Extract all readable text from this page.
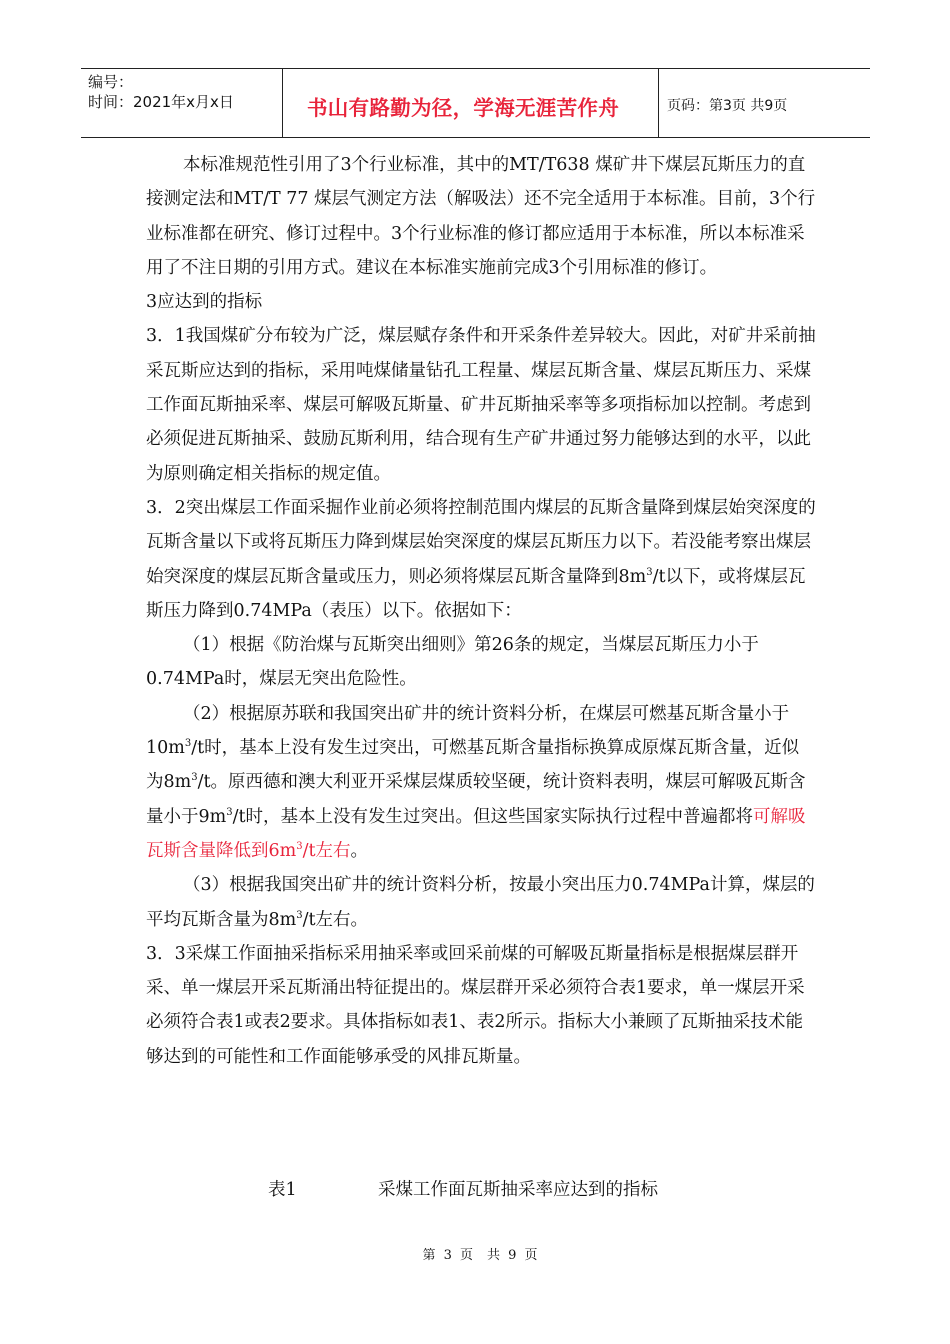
编号：
时间：2021年x月x日	书山有路勤为径，学海无涯苦作舟	页码：第3页 共9页

本标准规范性引用了3个行业标准，其中的MT/T638 煤矿井下煤层瓦斯压力的直接测定法和MT/T 77 煤层气测定方法（解吸法）还不完全适用于本标准。目前，3个行业标准都在研究、修订过程中。3个行业标准的修订都应适用于本标准，所以本标准采用了不注日期的引用方式。建议在本标准实施前完成3个引用标准的修订。

3应达到的指标

3．1我国煤矿分布较为广泛，煤层赋存条件和开采条件差异较大。因此，对矿井采前抽采瓦斯应达到的指标，采用吨煤储量钻孔工程量、煤层瓦斯含量、煤层瓦斯压力、采煤工作面瓦斯抽采率、煤层可解吸瓦斯量、矿井瓦斯抽采率等多项指标加以控制。考虑到必须促进瓦斯抽采、鼓励瓦斯利用，结合现有生产矿井通过努力能够达到的水平，以此为原则确定相关指标的规定值。

3．2突出煤层工作面采掘作业前必须将控制范围内煤层的瓦斯含量降到煤层始突深度的瓦斯含量以下或将瓦斯压力降到煤层始突深度的煤层瓦斯压力以下。若没能考察出煤层始突深度的煤层瓦斯含量或压力，则必须将煤层瓦斯含量降到$8m^3/t$以下，或将煤层瓦斯压力降到0.74MPa（表压）以下。依据如下：

（1）根据《防治煤与瓦斯突出细则》第26条的规定，当煤层瓦斯压力小于0.74MPa时，煤层无突出危险性。

（2）根据原苏联和我国突出矿井的统计资料分析，在煤层可燃基瓦斯含量小于$10m^3/t$时，基本上没有发生过突出，可燃基瓦斯含量指标换算成原煤瓦斯含量，近似为$8m^3/t$。原西德和澳大利亚开采煤层煤质较坚硬，统计资料表明，煤层可解吸瓦斯含量小于$9m^3/t$时，基本上没有发生过突出。但这些国家实际执行过程中普遍都将可解吸瓦斯含量降低到$6m^3/t$左右。

（3）根据我国突出矿井的统计资料分析，按最小突出压力0.74MPa计算，煤层的平均瓦斯含量为$8m^3/t$左右。

3．3采煤工作面抽采指标采用抽采率或回采前煤的可解吸瓦斯量指标是根据煤层群开采、单一煤层开采瓦斯涌出特征提出的。煤层群开采必须符合表1要求，单一煤层开采必须符合表1或表2要求。具体指标如表1、表2所示。指标大小兼顾了瓦斯抽采技术能够达到的可能性和工作面能够承受的风排瓦斯量。

表1	采煤工作面瓦斯抽采率应达到的指标
第 3 页 共 9 页
